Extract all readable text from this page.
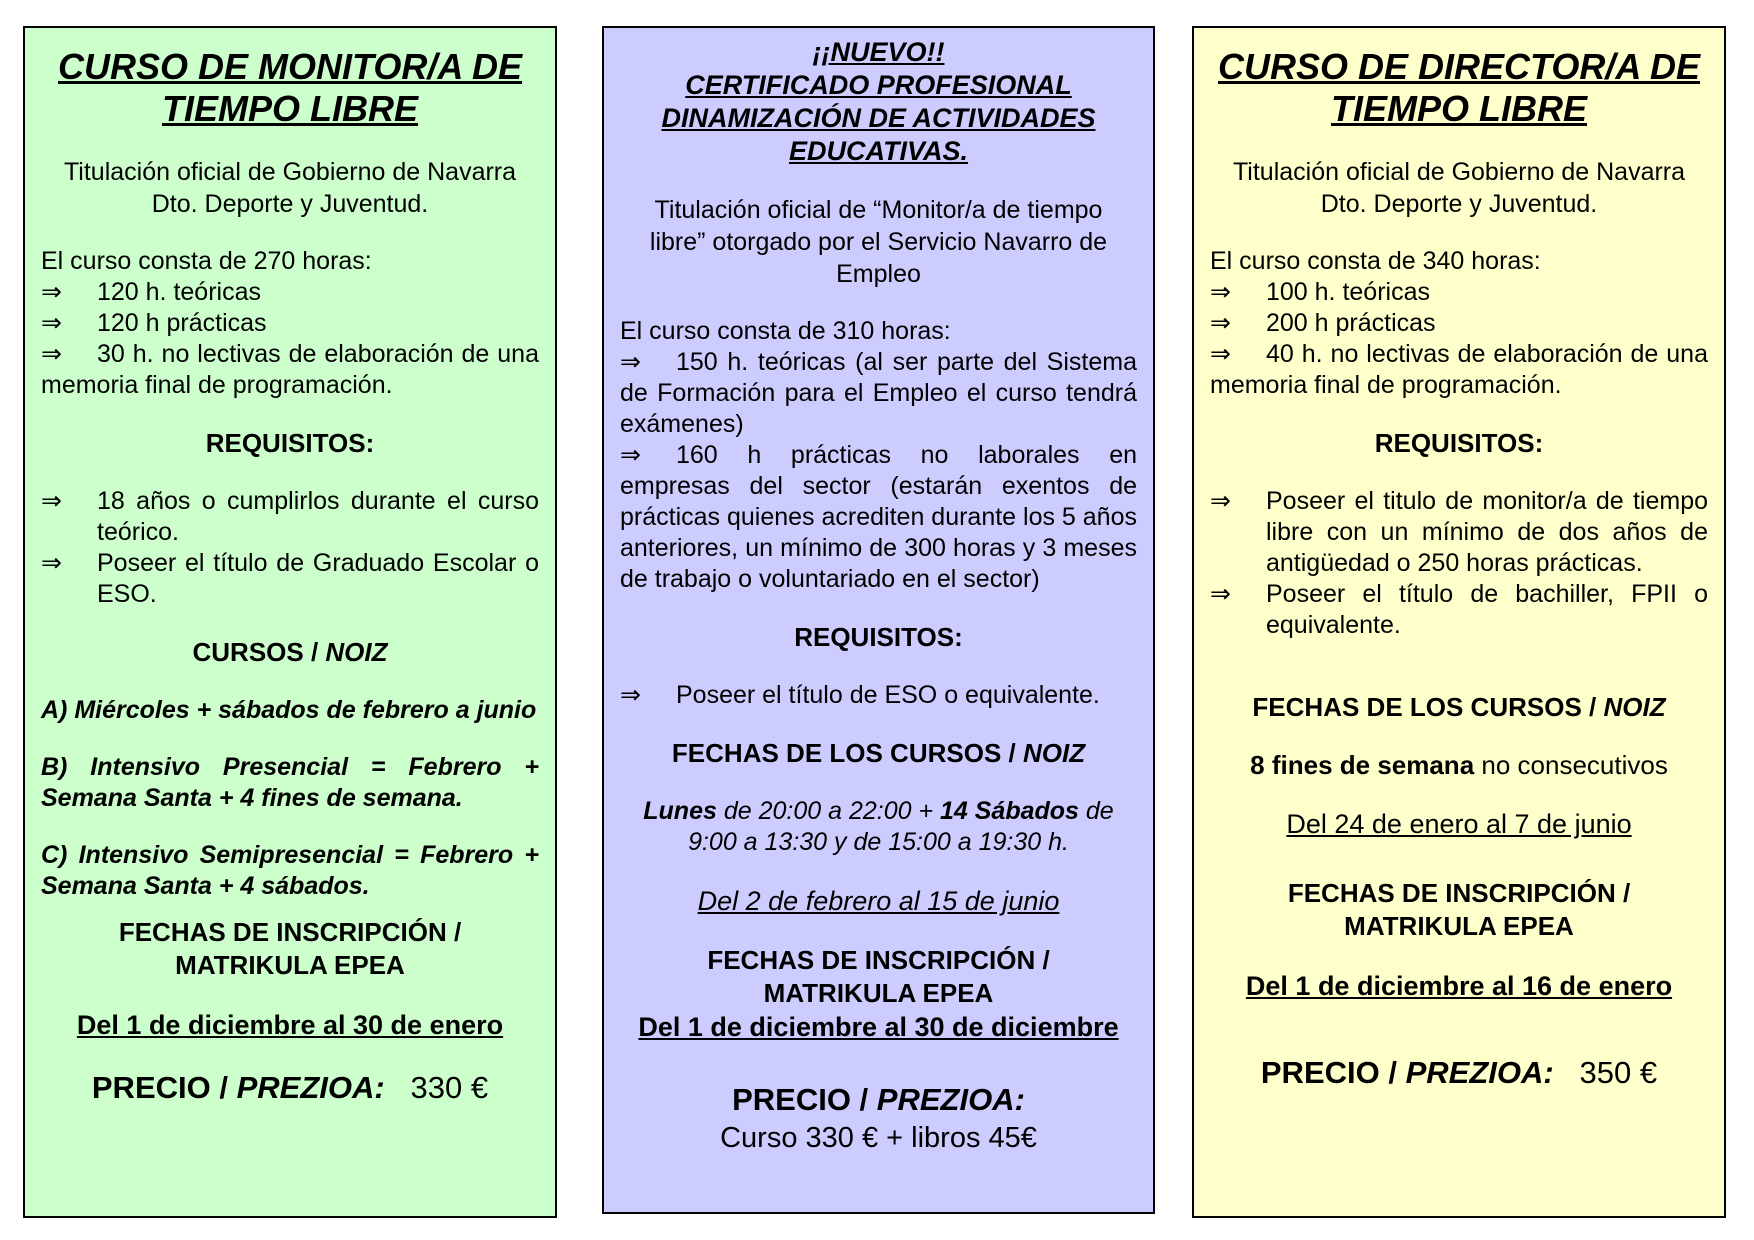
CURSO DE MONITOR/A DE TIEMPO LIBRE
Titulación oficial de Gobierno de Navarra
Dto. Deporte y Juventud.
El curso consta de 270 horas:
⇒ 120 h. teóricas
⇒ 120 h prácticas
⇒ 30 h. no lectivas de elaboración de una memoria final de programación.
REQUISITOS:
⇒	18 años o cumplirlos durante el curso teórico.
⇒	Poseer el título de Graduado Escolar o ESO.
CURSOS / NOIZ
A) Miércoles + sábados de febrero a junio
B) Intensivo Presencial = Febrero + Semana Santa + 4 fines de semana.
C) Intensivo Semipresencial = Febrero + Semana Santa + 4 sábados.
FECHAS DE INSCRIPCIÓN /
MATRIKULA EPEA
Del 1 de diciembre al 30 de enero
PRECIO / PREZIOA: 330 €
¡¡NUEVO!!
CERTIFICADO PROFESIONAL
DINAMIZACIÓN DE ACTIVIDADES
EDUCATIVAS.
Titulación oficial de “Monitor/a de tiempo libre” otorgado por el Servicio Navarro de Empleo
El curso consta de 310 horas:
⇒ 150 h. teóricas (al ser parte del Sistema de Formación para el Empleo el curso tendrá exámenes)
⇒ 160 h prácticas no laborales en empresas del sector (estarán exentos de prácticas quienes acrediten durante los 5 años anteriores, un mínimo de 300 horas y 3 meses de trabajo o voluntariado en el sector)
REQUISITOS:
⇒ Poseer el título de ESO o equivalente.
FECHAS DE LOS CURSOS / NOIZ
Lunes de 20:00 a 22:00 + 14 Sábados de 9:00 a 13:30 y de 15:00 a 19:30 h.
Del 2 de febrero al 15 de junio
FECHAS DE INSCRIPCIÓN /
MATRIKULA EPEA
Del 1 de diciembre al 30 de diciembre
PRECIO / PREZIOA:
Curso 330 € + libros 45€
CURSO DE DIRECTOR/A DE TIEMPO LIBRE
Titulación oficial de Gobierno de Navarra
Dto. Deporte y Juventud.
El curso consta de 340 horas:
⇒ 100 h. teóricas
⇒ 200 h prácticas
⇒ 40 h. no lectivas de elaboración de una memoria final de programación.
REQUISITOS:
⇒	Poseer el titulo de monitor/a de tiempo libre con un mínimo de dos años de antigüedad o 250 horas prácticas.
⇒	Poseer el título de bachiller, FPII o equivalente.
FECHAS DE LOS CURSOS / NOIZ
8 fines de semana no consecutivos
Del 24 de enero al 7 de junio
FECHAS DE INSCRIPCIÓN /
MATRIKULA EPEA
Del 1 de diciembre al 16 de enero
PRECIO / PREZIOA: 350 €
